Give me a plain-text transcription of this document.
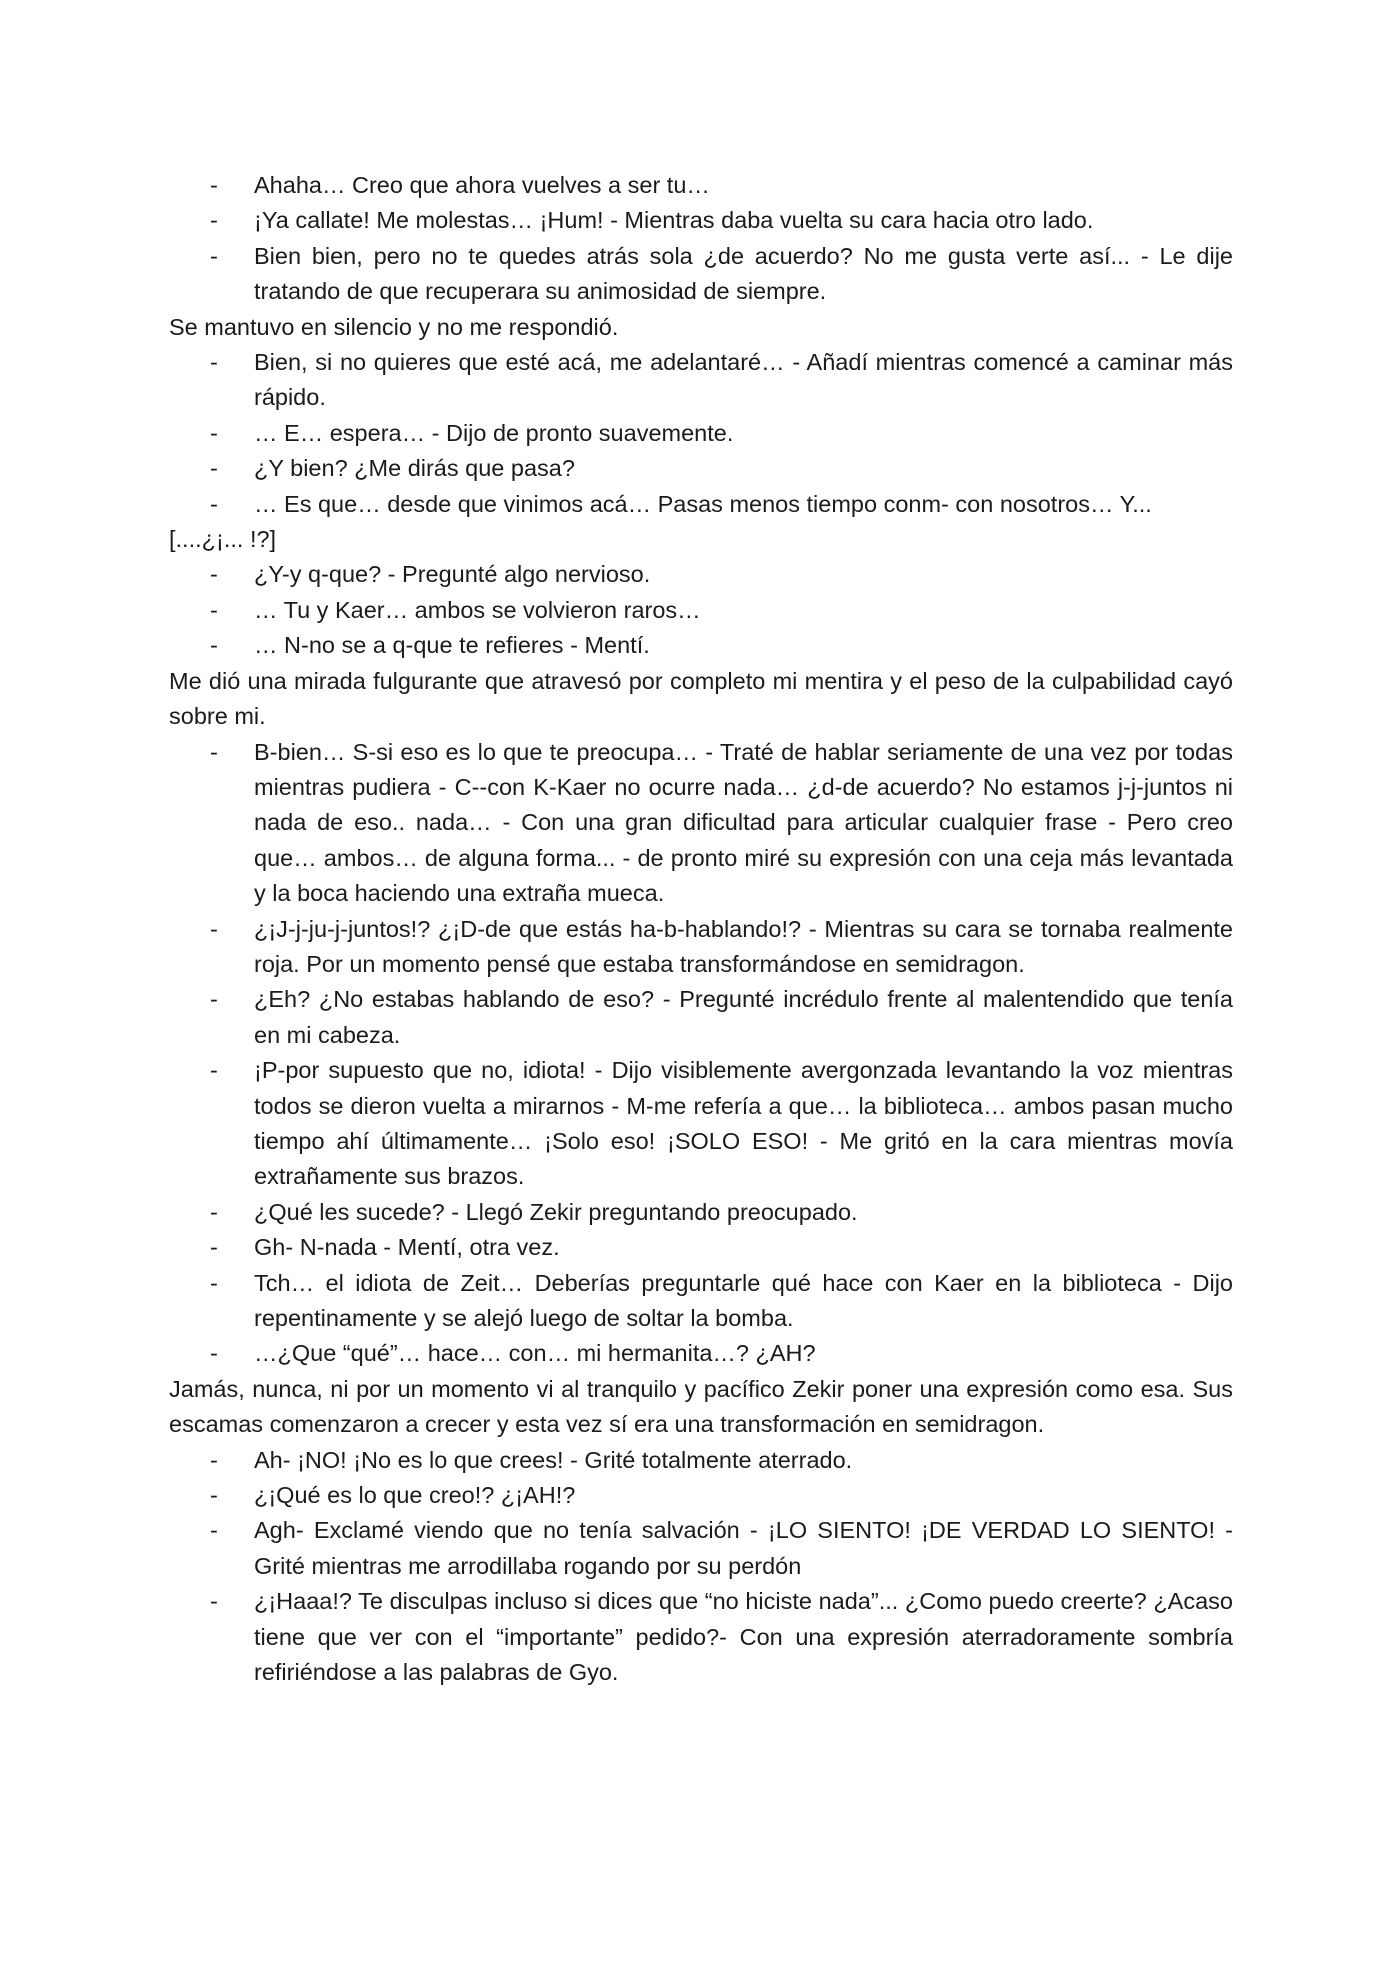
- Ahaha… Creo que ahora vuelves a ser tu…
- ¡Ya callate! Me molestas… ¡Hum! - Mientras daba vuelta su cara hacia otro lado.
- Bien bien, pero no te quedes atrás sola ¿de acuerdo? No me gusta verte así... - Le dije tratando de que recuperara su animosidad de siempre.

Se mantuvo en silencio y no me respondió.

- Bien, si no quieres que esté acá, me adelantaré… - Añadí mientras comencé a caminar más rápido.
- … E… espera… - Dijo de pronto suavemente.
- ¿Y bien? ¿Me dirás que pasa?
- … Es que… desde que vinimos acá… Pasas menos tiempo conm- con nosotros… Y...

[....¿¡... !?]

- ¿Y-y q-que? - Pregunté algo nervioso.
- … Tu y Kaer… ambos se volvieron raros…
- … N-no se a q-que te refieres - Mentí.

Me dió una mirada fulgurante que atravesó por completo mi mentira y el peso de la culpabilidad cayó sobre mi.

- B-bien… S-si eso es lo que te preocupa… - Traté de hablar seriamente de una vez por todas mientras pudiera - C--con K-Kaer no ocurre nada… ¿d-de acuerdo? No estamos j-j-juntos ni nada de eso.. nada… - Con una gran dificultad para articular cualquier frase - Pero creo que… ambos… de alguna forma... - de pronto miré su expresión con una ceja más levantada y la boca haciendo una extraña mueca.
- ¿¡J-j-ju-j-juntos!? ¿¡D-de que estás ha-b-hablando!? - Mientras su cara se tornaba realmente roja. Por un momento pensé que estaba transformándose en semidragon.
- ¿Eh? ¿No estabas hablando de eso? - Pregunté incrédulo frente al malentendido que tenía en mi cabeza.
- ¡P-por supuesto que no, idiota! - Dijo visiblemente avergonzada levantando la voz mientras todos se dieron vuelta a mirarnos - M-me refería a que… la biblioteca… ambos pasan mucho tiempo ahí últimamente… ¡Solo eso! ¡SOLO ESO! - Me gritó en la cara mientras movía extrañamente sus brazos.
- ¿Qué les sucede? - Llegó Zekir preguntando preocupado.
- Gh- N-nada - Mentí, otra vez.
- Tch… el idiota de Zeit… Deberías preguntarle qué hace con Kaer en la biblioteca - Dijo repentinamente y se alejó luego de soltar la bomba.
- …¿Que “qué”… hace… con… mi hermanita…? ¿AH?

Jamás, nunca, ni por un momento vi al tranquilo y pacífico Zekir poner una expresión como esa. Sus escamas comenzaron a crecer y esta vez sí era una transformación en semidragon.

- Ah- ¡NO! ¡No es lo que crees! - Grité totalmente aterrado.
- ¿¡Qué es lo que creo!? ¿¡AH!?
- Agh- Exclamé viendo que no tenía salvación - ¡LO SIENTO! ¡DE VERDAD LO SIENTO! - Grité mientras me arrodillaba rogando por su perdón
- ¿¡Haaa!? Te disculpas incluso si dices que “no hiciste nada”... ¿Como puedo creerte? ¿Acaso tiene que ver con el “importante” pedido?- Con una expresión aterradoramente sombría refiriéndose a las palabras de Gyo.
